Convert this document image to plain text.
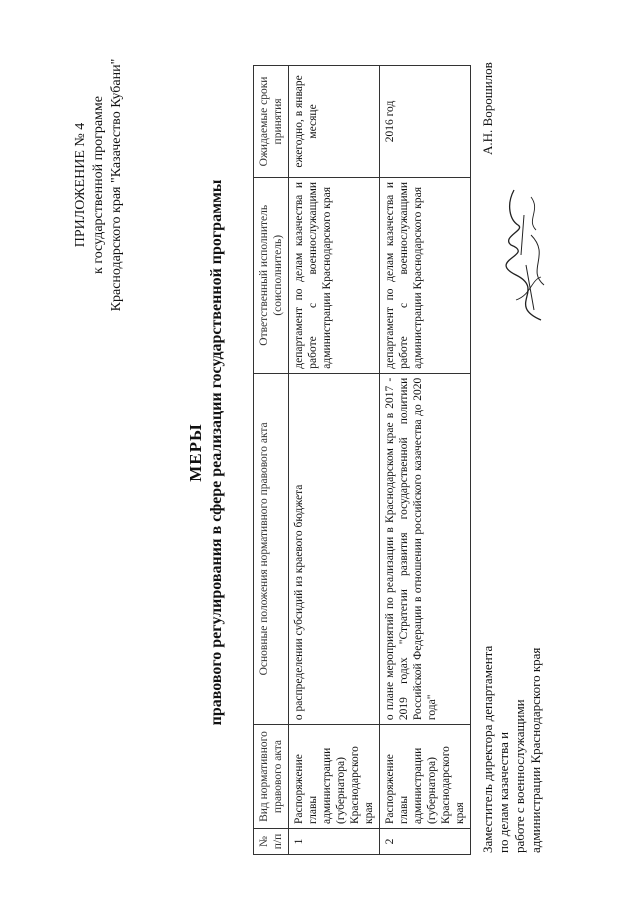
ПРИЛОЖЕНИЕ № 4 к государственной программе Краснодарского края "Казачество Кубани"
МЕРЫ правового регулирования в сфере реализации государственной программы
№ п/п	Вид нормативного правового акта	Основные положения нормативного правового акта	Ответственный исполнитель (соисполнитель)	Ожидаемые сроки принятия
1	Распоряжение главы администрации (губернатора) Краснодарского края	о распределении субсидий из краевого бюджета	департамент по делам казачества и работе с военнослужащими администрации Краснодарского края	ежегодно, в январе месяце
2	Распоряжение главы администрации (губернатора) Краснодарского края	о плане мероприятий по реализации в Краснодарском крае в 2017 - 2019 годах "Стратегии развития государственной политики Российской Федерации в отношении российского казачества до 2020 года"	департамент по делам казачества и работе с военнослужащими администрации Краснодарского края	2016 год
Заместитель директора департамента по делам казачества и работе с военнослужащими администрации Краснодарского края
А.Н. Ворошилов
